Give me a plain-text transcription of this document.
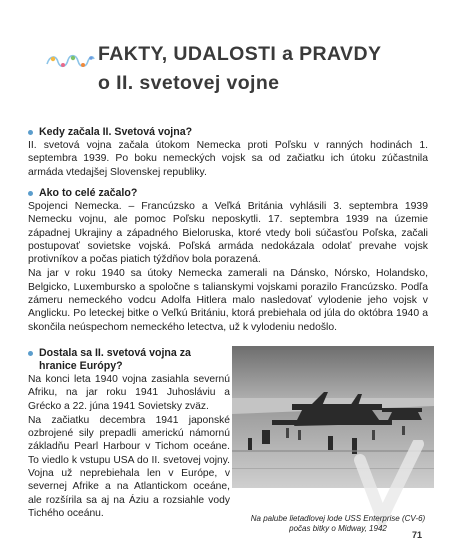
FAKTY, UDALOSTI a PRAVDY
o II. svetovej vojne
Kedy začala II. Svetová vojna?

II. svetová vojna začala útokom Nemecka proti Poľsku v ranných hodinách 1. septembra 1939. Po boku nemeckých vojsk sa od začiatku ich útoku zúčastnila armáda vtedajšej Slovenskej republiky.

Ako to celé začalo?

Spojenci Nemecka. – Francúzsko a Veľká Británia vyhlásili 3. septembra 1939 Nemecku vojnu, ale pomoc Poľsku neposkytli. 17. septembra 1939 na územie západnej Ukrajiny a západného Bieloruska, ktoré vtedy boli súčasťou Poľska, začali postupovať sovietske vojská. Poľská armáda nedokázala odolať prevahe vojsk protivníkov a počas piatich týždňov bola porazená.

Na jar v roku 1940 sa útoky Nemecka zamerali na Dánsko, Nórsko, Holandsko, Belgicko, Luxembursko a spoločne s talianskymi vojskami porazilo Francúzsko. Podľa zámeru nemeckého vodcu Adolfa Hitlera malo nasledovať vylodenie jeho vojsk v Anglicku. Po leteckej bitke o Veľkú Britániu, ktorá prebiehala od júla do októbra 1940 a skončila neúspechom nemeckého letectva, už k vylodeniu nedošlo.

Dostala sa II. svetová vojna za hranice Európy?

Na konci leta 1940 vojna zasiahla severnú Afriku, na jar roku 1941 Juhosláviu a Grécko a 22. júna 1941 Sovietsky zväz.

Na začiatku decembra 1941 japonské ozbrojené sily prepadli americkú námornú základňu Pearl Harbour v Tichom oceáne. To viedlo k vstupu USA do II. svetovej vojny. Vojna už neprebiehala len v Európe, v severnej Afrike a na Atlantickom oceáne, ale rozšírila sa aj na Áziu a rozsiahle vody Tichého oceánu.	Na palube lietadlovej lode USS Enterprise (CV-6)
počas bitky o Midway, 1942
71
